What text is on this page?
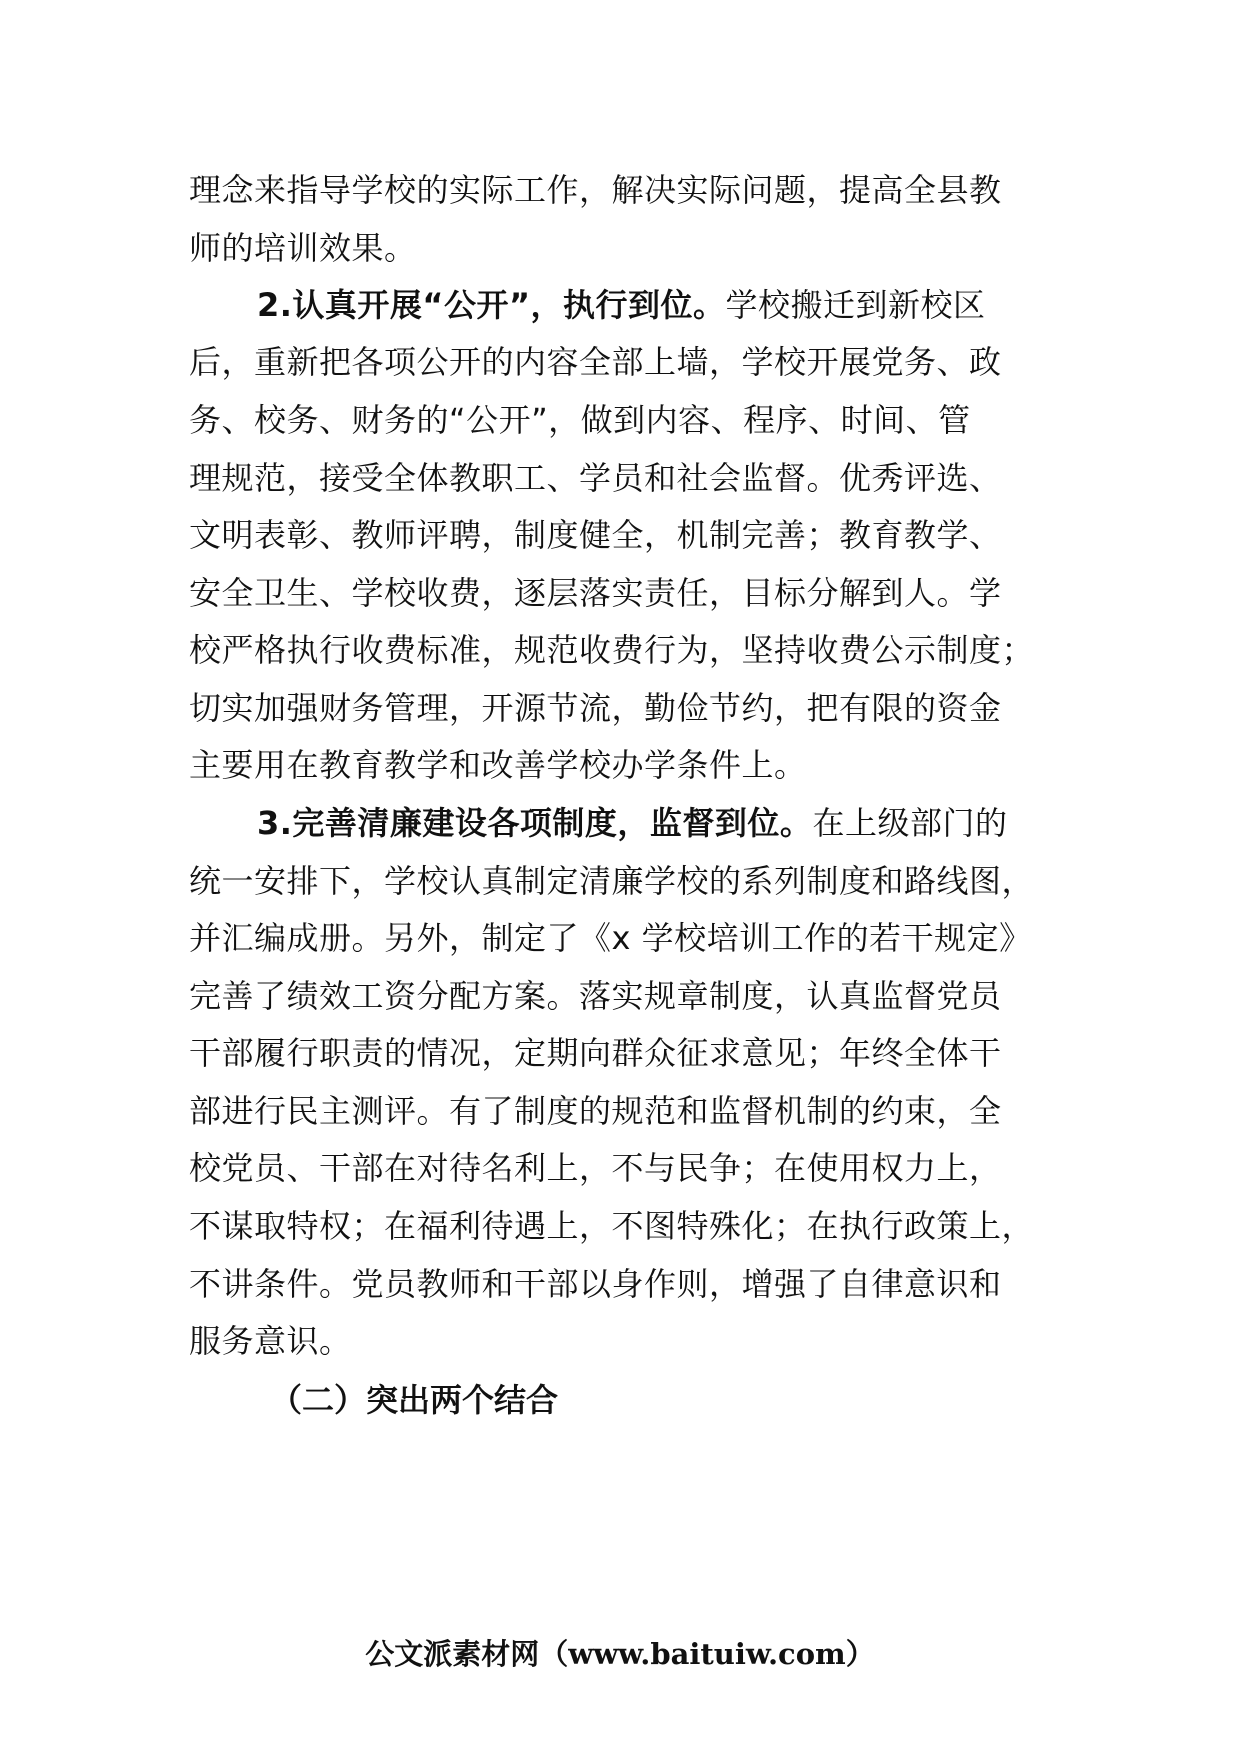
理念来指导学校的实际工作，解决实际问题，提高全县教
师的培训效果。
2.认真开展“公开”，执行到位。学校搬迁到新校区
后，重新把各项公开的内容全部上墙，学校开展党务、政
务、校务、财务的“公开”，做到内容、程序、时间、管
理规范，接受全体教职工、学员和社会监督。优秀评选、
文明表彰、教师评聘，制度健全，机制完善；教育教学、
安全卫生、学校收费，逐层落实责任，目标分解到人。学
校严格执行收费标准，规范收费行为，坚持收费公示制度；
切实加强财务管理，开源节流，勤俭节约，把有限的资金
主要用在教育教学和改善学校办学条件上。
3.完善清廉建设各项制度，监督到位。在上级部门的
统一安排下，学校认真制定清廉学校的系列制度和路线图，
并汇编成册。另外，制定了《x 学校培训工作的若干规定》
完善了绩效工资分配方案。落实规章制度，认真监督党员
干部履行职责的情况，定期向群众征求意见；年终全体干
部进行民主测评。有了制度的规范和监督机制的约束，全
校党员、干部在对待名利上，不与民争；在使用权力上，
不谋取特权；在福利待遇上，不图特殊化；在执行政策上，
不讲条件。党员教师和干部以身作则，增强了自律意识和
服务意识。
（二）突出两个结合
公文派素材网（www.baituiw.com）
